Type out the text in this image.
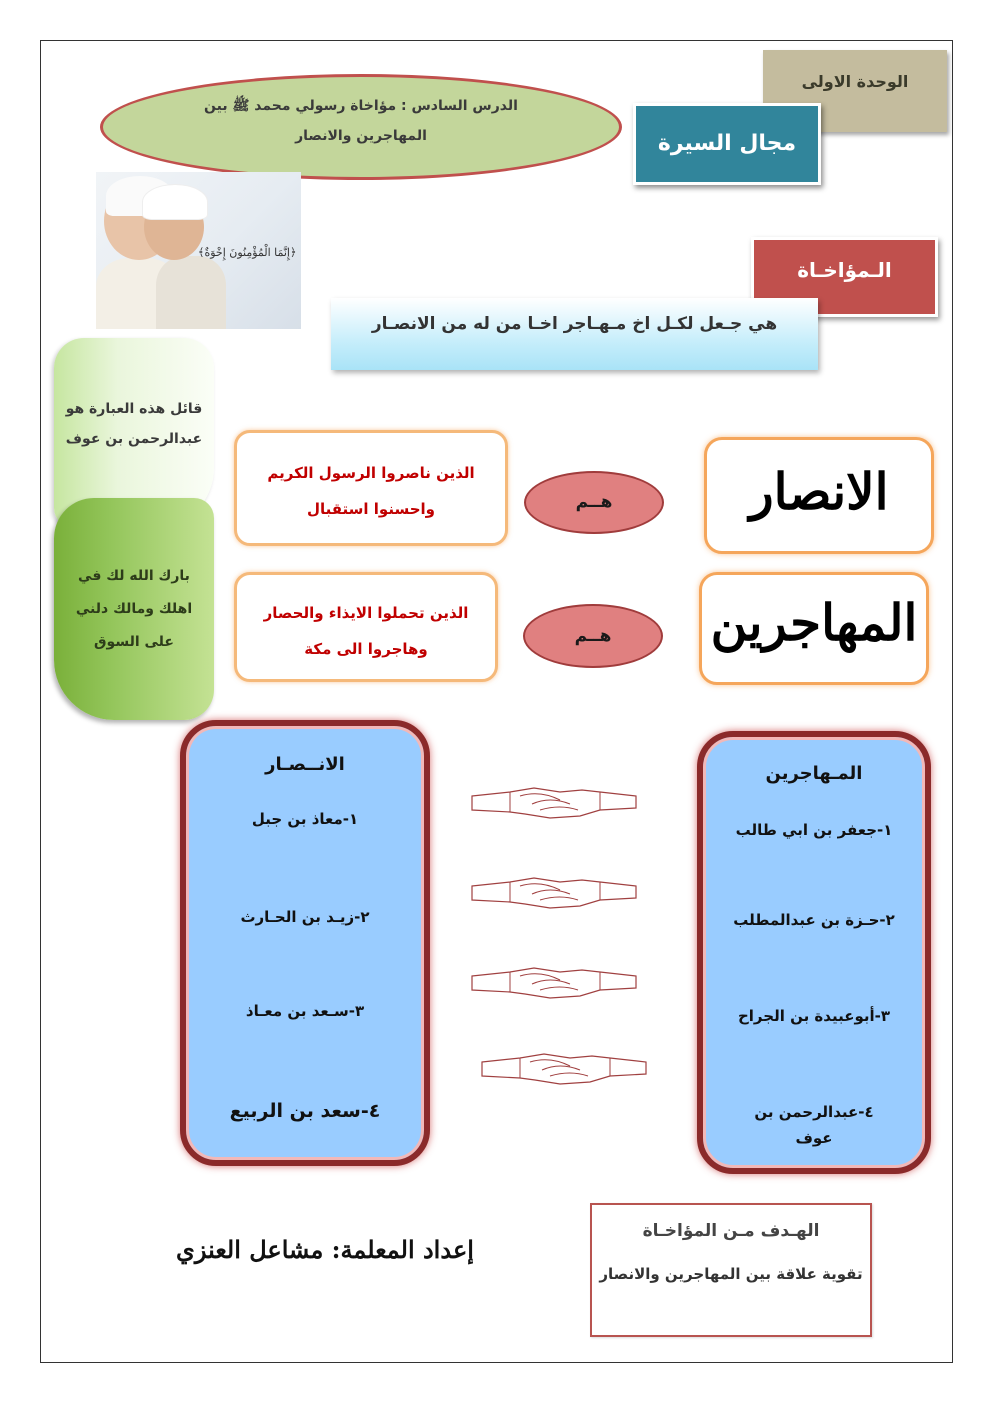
الوحدة الاولى
مجال السيرة
الدرس السادس : مؤاخاة رسولي محمد ﷺ بين المهاجرين والانصار
﴿إِنَّمَا الْمُؤْمِنُونَ إِخْوَةٌ﴾
الـمؤاخـاة
هي جـعل لكـل اخ مـهـاجر اخـا من له من الانصـار
قائل هذه العبارة هو عبدالرحمن بن عوف
بارك الله لك في اهلك ومالك دلني على السوق
الانصار
المهاجرين
هــم
هــم
الذين ناصروا الرسول الكريم واحسنوا استقبال
الذين تحملوا الايذاء والحصار وهاجروا الى مكة
الانــصـار
١-معاذ بن جبل
٢-زيـد بن الحـارث
٣-سـعد بن معـاذ
٤-سعد بن الربيع
المـهاجرين
١-جعفر بن ابي طالب
٢-حـزة بن عبدالمطلب
٣-أبوعبيدة بن الجراح
٤-عبدالرحمن بن عوف
إعداد المعلمة: مشاعل العنزي
الهـدف مـن المؤاخـاة
تقوية علاقة بين المهاجرين والانصار
